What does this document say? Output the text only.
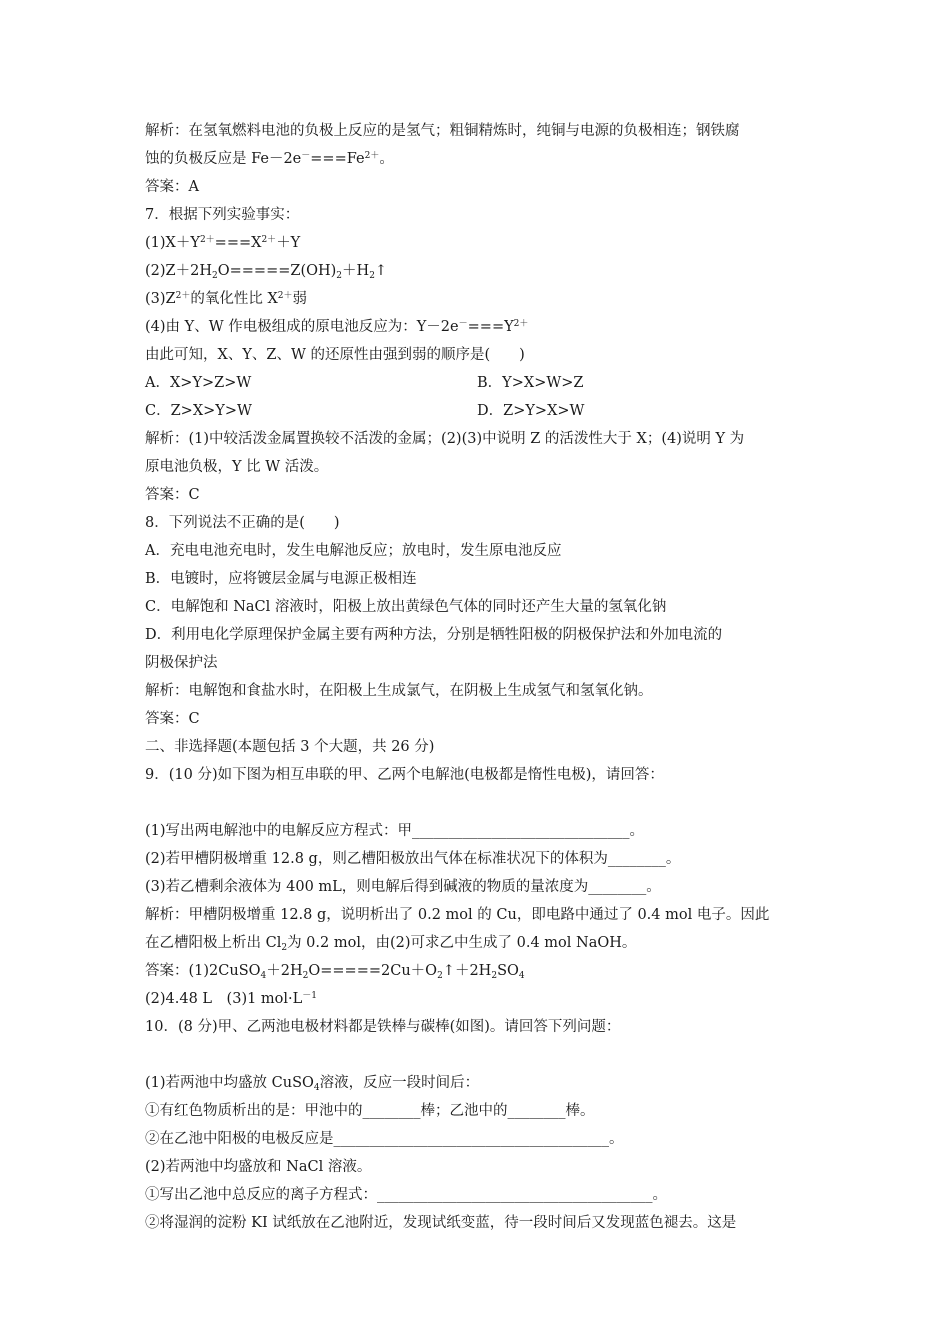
解析：在氢氧燃料电池的负极上反应的是氢气；粗铜精炼时，纯铜与电源的负极相连；钢铁腐
蚀的负极反应是 $Fe-2e^-===Fe^{2+}$。
答案：A
7．根据下列实验事实：
$(1)X+Y^{2+}===X^{2+}+Y$
$(2)Z+2H_2O=====Z(OH)_2+H_2↑$
$(3)Z^{2+}$的氧化性比 $X^{2+}$弱
(4)由 Y、W 作电极组成的原电池反应为：$Y-2e^-===Y^{2+}$
由此可知，X、Y、Z、W 的还原性由强到弱的顺序是(　　)
A．X>Y>Z>W	B．Y>X>W>Z
C．Z>X>Y>W	D．Z>Y>X>W
解析：(1)中较活泼金属置换较不活泼的金属；(2)(3)中说明 Z 的活泼性大于 X；(4)说明 Y 为
原电池负极，Y 比 W 活泼。
答案：C
8．下列说法不正确的是(　　)
A．充电电池充电时，发生电解池反应；放电时，发生原电池反应
B．电镀时，应将镀层金属与电源正极相连
C．电解饱和 NaCl 溶液时，阳极上放出黄绿色气体的同时还产生大量的氢氧化钠
D．利用电化学原理保护金属主要有两种方法，分别是牺牲阳极的阴极保护法和外加电流的
阴极保护法
解析：电解饱和食盐水时，在阳极上生成氯气，在阴极上生成氢气和氢氧化钠。
答案：C
二、非选择题(本题包括 3 个大题，共 26 分)
9．(10 分)如下图为相互串联的甲、乙两个电解池(电极都是惰性电极)，请回答：
(1)写出两电解池中的电解反应方程式：甲______________________________。
(2)若甲槽阴极增重 12.8 g，则乙槽阳极放出气体在标准状况下的体积为________。
(3)若乙槽剩余液体为 400 mL，则电解后得到碱液的物质的量浓度为________。
解析：甲槽阴极增重 12.8 g，说明析出了 0.2 mol 的 Cu，即电路中通过了 0.4 mol 电子。因此
在乙槽阳极上析出 $Cl_2$为 0.2 mol，由(2)可求乙中生成了 0.4 mol NaOH。
答案：$(1)2CuSO_4+2H_2O=====2Cu+O_2↑+2H_2SO_4$
(2)4.48 L　(3)1 $mol\cdot L^{-1}$
10．(8 分)甲、乙两池电极材料都是铁棒与碳棒(如图)。请回答下列问题：
(1)若两池中均盛放 CuSO$_4$溶液，反应一段时间后：
①有红色物质析出的是：甲池中的________棒；乙池中的________棒。
②在乙池中阳极的电极反应是______________________________________。
(2)若两池中均盛放和 NaCl 溶液。
①写出乙池中总反应的离子方程式：______________________________________。
②将湿润的淀粉 KI 试纸放在乙池附近，发现试纸变蓝，待一段时间后又发现蓝色褪去。这是
